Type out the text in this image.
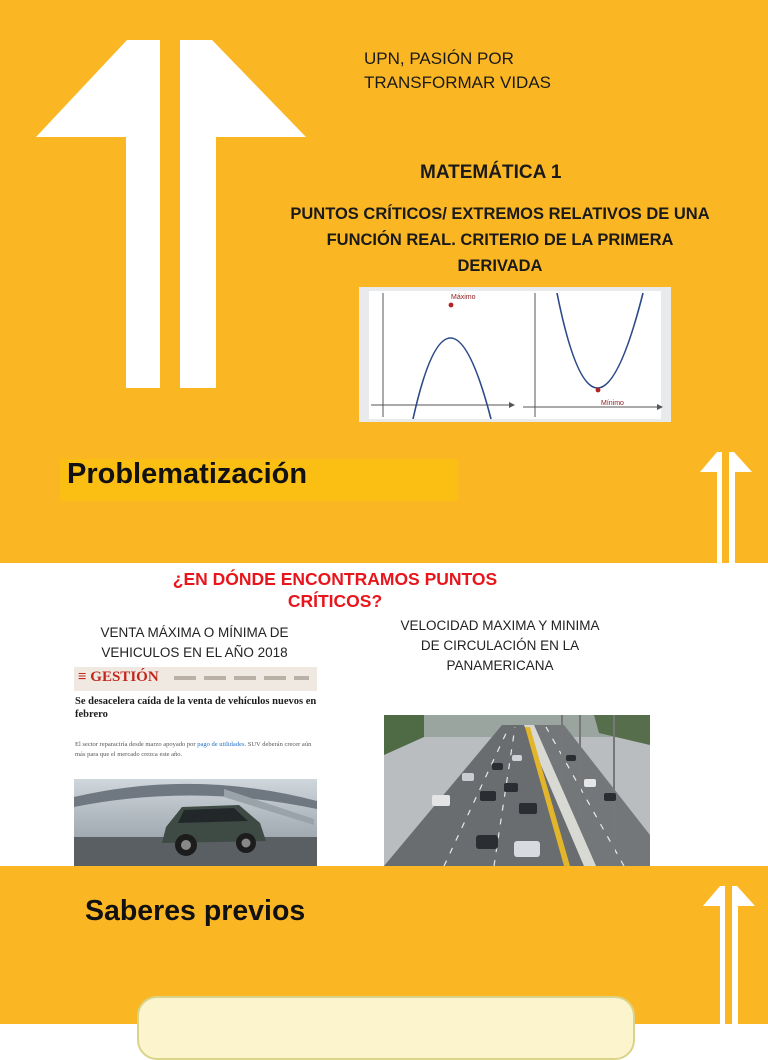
UPN, PASIÓN POR
TRANSFORMAR VIDAS
MATEMÁTICA 1
PUNTOS CRÍTICOS/ EXTREMOS RELATIVOS DE UNA
FUNCIÓN REAL. CRITERIO DE LA PRIMERA
DERIVADA
Máximo
Mínimo
Problematización
¿EN DÓNDE ENCONTRAMOS PUNTOS
CRÍTICOS?
VENTA MÁXIMA O MÍNIMA DE
VEHICULOS EN EL AÑO 2018
VELOCIDAD MAXIMA Y MINIMA
DE CIRCULACIÓN EN LA
PANAMERICANA
≡ GESTIÓN
Se desacelera caída de la venta de vehículos nuevos en febrero
El sector reparaciría desde marzo apoyado por pago de utilidades. SUV deberán crecer aún más para que el mercado crezca este año.
Saberes previos
